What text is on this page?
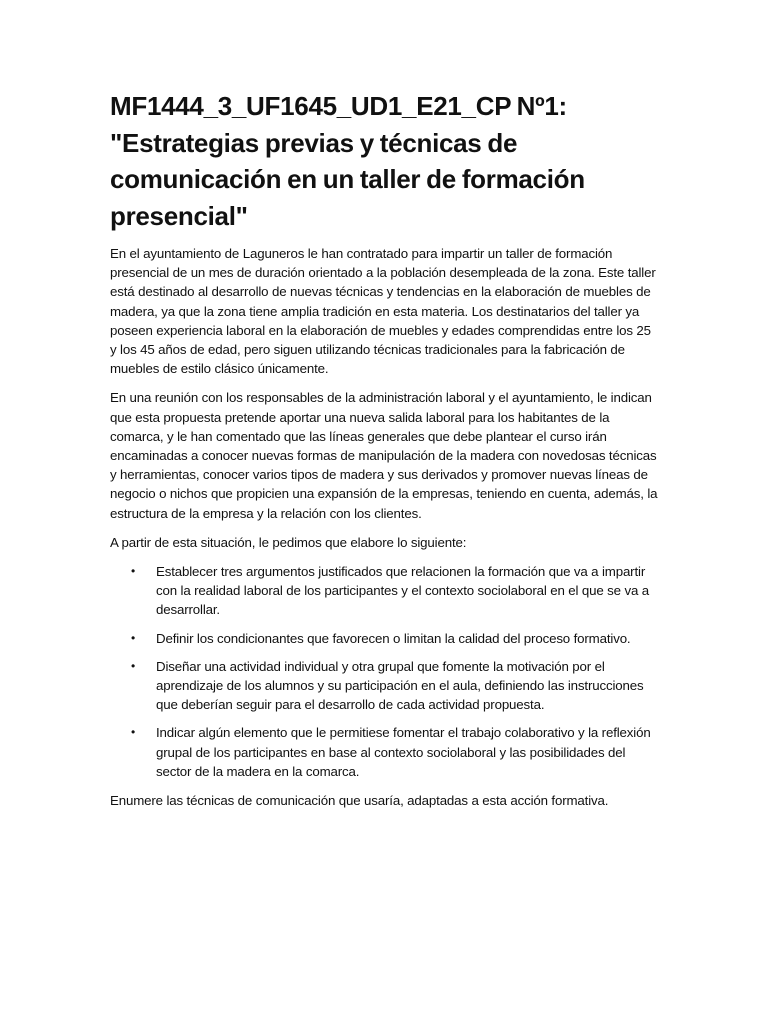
MF1444_3_UF1645_UD1_E21_CP Nº1: "Estrategias previas y técnicas de comunicación en un taller de formación presencial"

En el ayuntamiento de Laguneros le han contratado para impartir un taller de formación presencial de un mes de duración orientado a la población desempleada de la zona. Este taller está destinado al desarrollo de nuevas técnicas y tendencias en la elaboración de muebles de madera, ya que la zona tiene amplia tradición en esta materia. Los destinatarios del taller ya poseen experiencia laboral en la elaboración de muebles y edades comprendidas entre los 25 y los 45 años de edad, pero siguen utilizando técnicas tradicionales para la fabricación de muebles de estilo clásico únicamente.

En una reunión con los responsables de la administración laboral y el ayuntamiento, le indican que esta propuesta pretende aportar una nueva salida laboral para los habitantes de la comarca, y le han comentado que las líneas generales que debe plantear el curso irán encaminadas a conocer nuevas formas de manipulación de la madera con novedosas técnicas y herramientas, conocer varios tipos de madera y sus derivados y promover nuevas líneas de negocio o nichos que propicien una expansión de la empresas, teniendo en cuenta, además, la estructura de la empresa y la relación con los clientes.

A partir de esta situación, le pedimos que elabore lo siguiente:

• Establecer tres argumentos justificados que relacionen la formación que va a impartir con la realidad laboral de los participantes y el contexto sociolaboral en el que se va a desarrollar.
• Definir los condicionantes que favorecen o limitan la calidad del proceso formativo.
• Diseñar una actividad individual y otra grupal que fomente la motivación por el aprendizaje de los alumnos y su participación en el aula, definiendo las instrucciones que deberían seguir para el desarrollo de cada actividad propuesta.
• Indicar algún elemento que le permitiese fomentar el trabajo colaborativo y la reflexión grupal de los participantes en base al contexto sociolaboral y las posibilidades del sector de la madera en la comarca.

Enumere las técnicas de comunicación que usaría, adaptadas a esta acción formativa.
